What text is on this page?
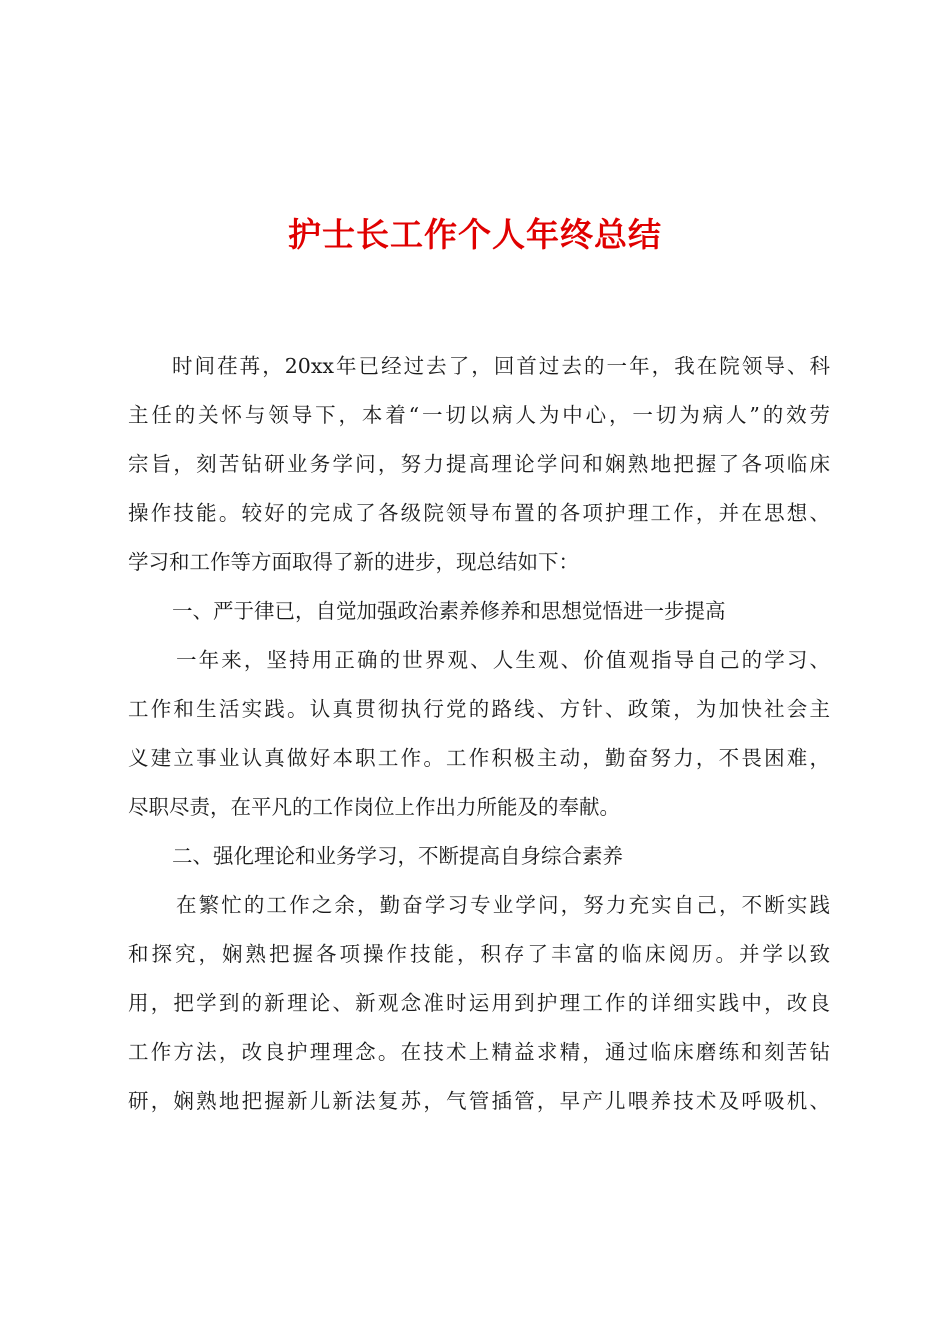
护士长工作个人年终总结
时间荏苒，20xx年已经过去了，回首过去的一年，我在院领导、科
主任的关怀与领导下，本着“一切以病人为中心，一切为病人”的效劳
宗旨，刻苦钻研业务学问，努力提高理论学问和娴熟地把握了各项临床
操作技能。较好的完成了各级院领导布置的各项护理工作，并在思想、
学习和工作等方面取得了新的进步，现总结如下：
一、严于律已，自觉加强政治素养修养和思想觉悟进一步提高
一年来，坚持用正确的世界观、人生观、价值观指导自己的学习、
工作和生活实践。认真贯彻执行党的路线、方针、政策，为加快社会主
义建立事业认真做好本职工作。工作积极主动，勤奋努力，不畏困难，
尽职尽责，在平凡的工作岗位上作出力所能及的奉献。
二、强化理论和业务学习，不断提高自身综合素养
在繁忙的工作之余，勤奋学习专业学问，努力充实自己，不断实践
和探究，娴熟把握各项操作技能，积存了丰富的临床阅历。并学以致
用，把学到的新理论、新观念准时运用到护理工作的详细实践中，改良
工作方法，改良护理理念。在技术上精益求精，通过临床磨练和刻苦钻
研，娴熟地把握新儿新法复苏，气管插管，早产儿喂养技术及呼吸机、
